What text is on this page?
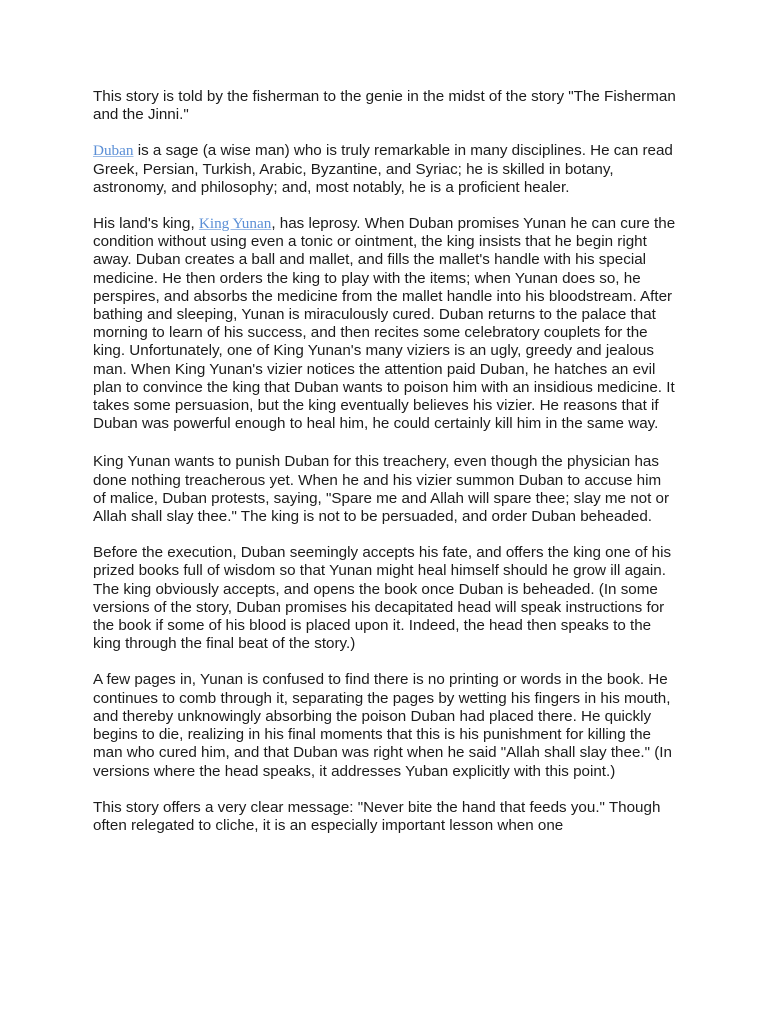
This story is told by the fisherman to the genie in the midst of the story "The Fisherman and the Jinni."

Duban is a sage (a wise man) who is truly remarkable in many disciplines. He can read Greek, Persian, Turkish, Arabic, Byzantine, and Syriac; he is skilled in botany, astronomy, and philosophy; and, most notably, he is a proficient healer.

His land's king, King Yunan, has leprosy. When Duban promises Yunan he can cure the condition without using even a tonic or ointment, the king insists that he begin right away. Duban creates a ball and mallet, and fills the mallet's handle with his special medicine. He then orders the king to play with the items; when Yunan does so, he perspires, and absorbs the medicine from the mallet handle into his bloodstream. After bathing and sleeping, Yunan is miraculously cured. Duban returns to the palace that morning to learn of his success, and then recites some celebratory couplets for the king. Unfortunately, one of King Yunan's many viziers is an ugly, greedy and jealous man. When King Yunan's vizier notices the attention paid Duban, he hatches an evil plan to convince the king that Duban wants to poison him with an insidious medicine. It takes some persuasion, but the king eventually believes his vizier. He reasons that if Duban was powerful enough to heal him, he could certainly kill him in the same way.

King Yunan wants to punish Duban for this treachery, even though the physician has done nothing treacherous yet. When he and his vizier summon Duban to accuse him of malice, Duban protests, saying, "Spare me and Allah will spare thee; slay me not or Allah shall slay thee." The king is not to be persuaded, and order Duban beheaded.

Before the execution, Duban seemingly accepts his fate, and offers the king one of his prized books full of wisdom so that Yunan might heal himself should he grow ill again. The king obviously accepts, and opens the book once Duban is beheaded. (In some versions of the story, Duban promises his decapitated head will speak instructions for the book if some of his blood is placed upon it. Indeed, the head then speaks to the king through the final beat of the story.)

A few pages in, Yunan is confused to find there is no printing or words in the book. He continues to comb through it, separating the pages by wetting his fingers in his mouth, and thereby unknowingly absorbing the poison Duban had placed there. He quickly begins to die, realizing in his final moments that this is his punishment for killing the man who cured him, and that Duban was right when he said "Allah shall slay thee." (In versions where the head speaks, it addresses Yuban explicitly with this point.)

This story offers a very clear message: "Never bite the hand that feeds you." Though often relegated to cliche, it is an especially important lesson when one
